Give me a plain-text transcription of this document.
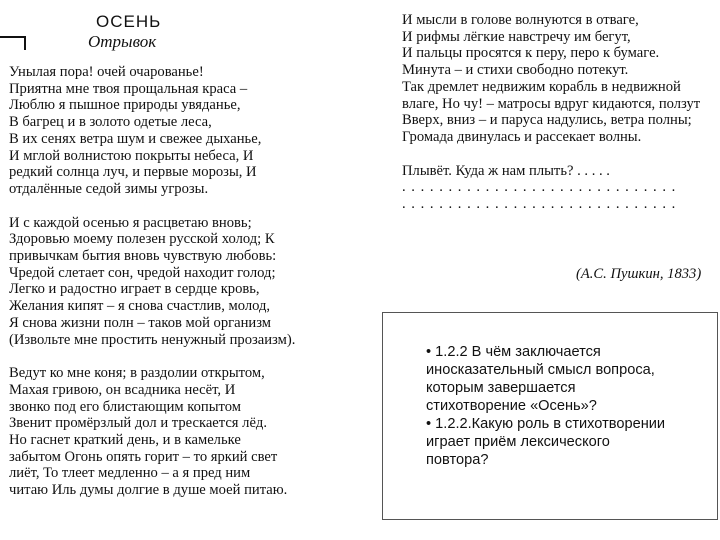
ОСЕНЬ
Отрывок
Унылая пора! очей очарованье!
Приятна мне твоя прощальная краса –
Люблю я пышное природы увяданье,
В багрец и в золото одетые леса,
В их сенях ветра шум и свежее дыханье,
И мглой волнистою покрыты небеса, И
редкий солнца луч, и первые морозы, И
отдалённые седой зимы угрозы.
И с каждой осенью я расцветаю вновь;
Здоровью моему полезен русской холод; К
привычкам бытия вновь чувствую любовь:
Чредой слетает сон, чредой находит голод;
Легко и радостно играет в сердце кровь,
Желания кипят – я снова счастлив, молод,
Я снова жизни полн – таков мой организм
(Извольте мне простить ненужный прозаизм).
Ведут ко мне коня; в раздолии открытом,
Махая гривою, он всадника несёт, И
звонко под его блистающим копытом
Звенит промёрзлый дол и трескается лёд.
Но гаснет краткий день, и в камельке
забытом Огонь опять горит – то яркий свет
лиёт, То тлеет медленно – а я пред ним
читаю Иль думы долгие в душе моей питаю.
И мысли в голове волнуются в отваге,
И рифмы лёгкие навстречу им бегут,
И пальцы просятся к перу, перо к бумаге.
Минута – и стихи свободно потекут.
Так дремлет недвижим корабль в недвижной
влаге, Но чу! – матросы вдруг кидаются, ползут
Вверх, вниз – и паруса надулись, ветра полны;
Громада двинулась и рассекает волны.
Плывёт. Куда ж нам плыть? . . . . .
. . . . . . . . . . . . . . . . . . . . . . . . . . . . . .
. . . . . . . . . . . . . . . . . . . . . . . . . . . . . .
(А.С. Пушкин, 1833)
• 1.2.2 В чём заключается иносказательный смысл вопроса, которым завершается стихотворение «Осень»?
• 1.2.2.Какую роль в стихотворении играет приём лексического повтора?
